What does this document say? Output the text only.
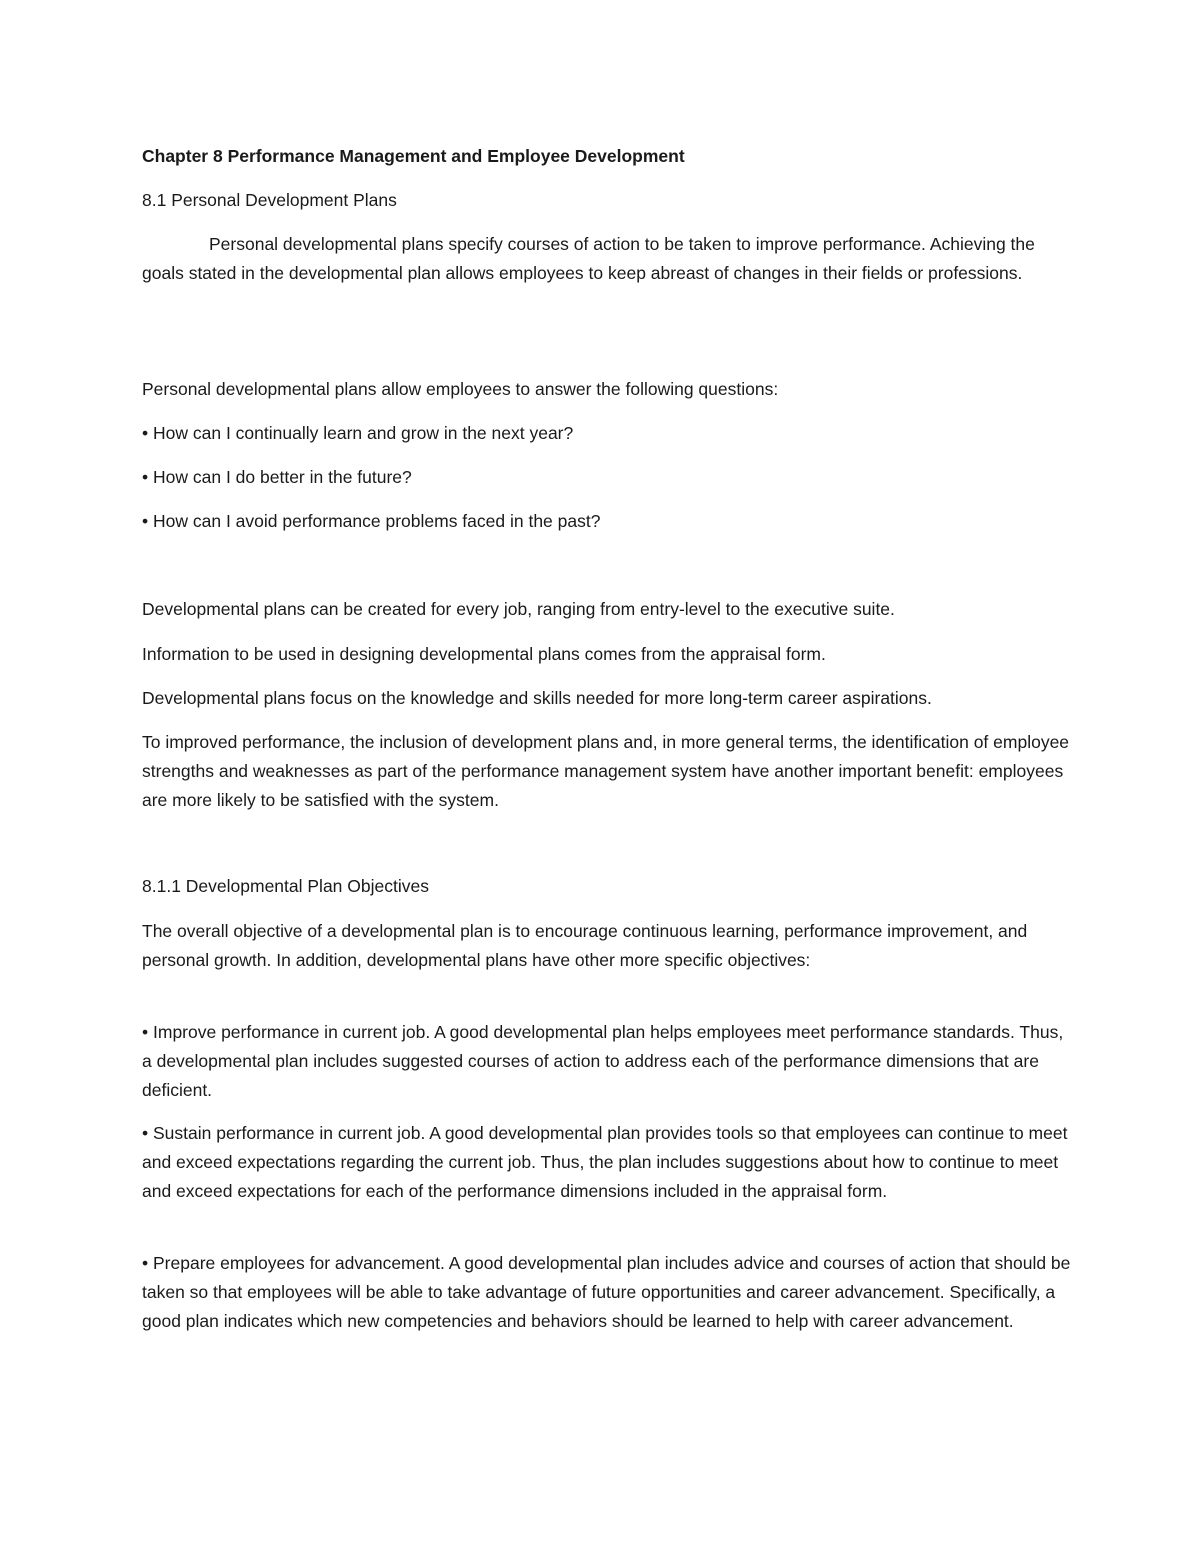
Chapter 8 Performance Management and Employee Development

8.1 Personal Development Plans

Personal developmental plans specify courses of action to be taken to improve performance. Achieving the goals stated in the developmental plan allows employees to keep abreast of changes in their fields or professions.

Personal developmental plans allow employees to answer the following questions:

• How can I continually learn and grow in the next year?

• How can I do better in the future?

• How can I avoid performance problems faced in the past?

Developmental plans can be created for every job, ranging from entry-level to the executive suite.

Information to be used in designing developmental plans comes from the appraisal form.

Developmental plans focus on the knowledge and skills needed for more long-term career aspirations.

To improved performance, the inclusion of development plans and, in more general terms, the identification of employee strengths and weaknesses as part of the performance management system have another important benefit: employees are more likely to be satisfied with the system.

8.1.1 Developmental Plan Objectives

The overall objective of a developmental plan is to encourage continuous learning, performance improvement, and personal growth. In addition, developmental plans have other more specific objectives:

• Improve performance in current job. A good developmental plan helps employees meet performance standards. Thus, a developmental plan includes suggested courses of action to address each of the performance dimensions that are deficient.

• Sustain performance in current job. A good developmental plan provides tools so that employees can continue to meet and exceed expectations regarding the current job. Thus, the plan includes suggestions about how to continue to meet and exceed expectations for each of the performance dimensions included in the appraisal form.

• Prepare employees for advancement. A good developmental plan includes advice and courses of action that should be taken so that employees will be able to take advantage of future opportunities and career advancement. Specifically, a good plan indicates which new competencies and behaviors should be learned to help with career advancement.
